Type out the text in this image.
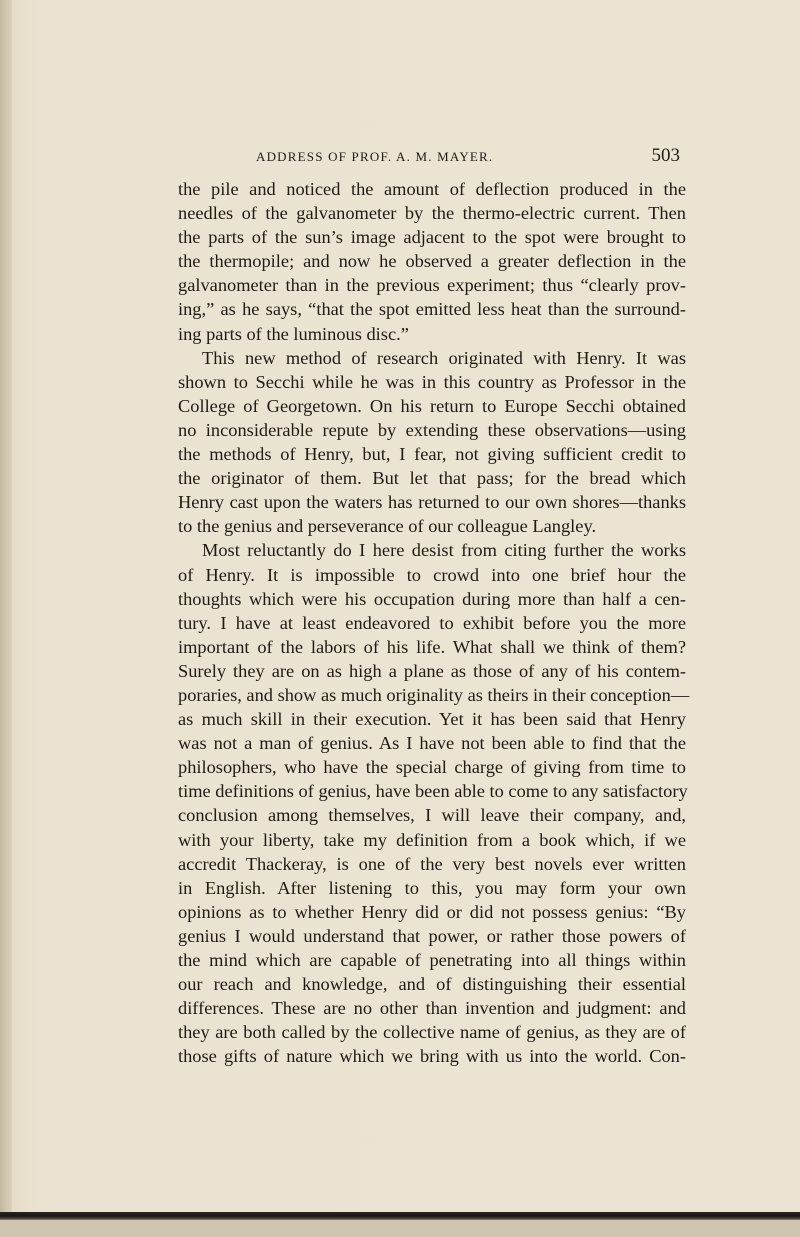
ADDRESS OF PROF. A. M. MAYER.	503
the pile and noticed the amount of deflection produced in the
needles of the galvanometer by the thermo-electric current. Then
the parts of the sun’s image adjacent to the spot were brought to
the thermopile; and now he observed a greater deflection in the
galvanometer than in the previous experiment; thus “clearly prov-
ing,” as he says, “that the spot emitted less heat than the surround-
ing parts of the luminous disc.”
This new method of research originated with Henry. It was
shown to Secchi while he was in this country as Professor in the
College of Georgetown. On his return to Europe Secchi obtained
no inconsiderable repute by extending these observations—using
the methods of Henry, but, I fear, not giving sufficient credit to
the originator of them. But let that pass; for the bread which
Henry cast upon the waters has returned to our own shores—thanks
to the genius and perseverance of our colleague Langley.
Most reluctantly do I here desist from citing further the works
of Henry. It is impossible to crowd into one brief hour the
thoughts which were his occupation during more than half a cen-
tury. I have at least endeavored to exhibit before you the more
important of the labors of his life. What shall we think of them?
Surely they are on as high a plane as those of any of his contem-
poraries, and show as much originality as theirs in their conception—
as much skill in their execution. Yet it has been said that Henry
was not a man of genius. As I have not been able to find that the
philosophers, who have the special charge of giving from time to
time definitions of genius, have been able to come to any satisfactory
conclusion among themselves, I will leave their company, and,
with your liberty, take my definition from a book which, if we
accredit Thackeray, is one of the very best novels ever written
in English. After listening to this, you may form your own
opinions as to whether Henry did or did not possess genius: “By
genius I would understand that power, or rather those powers of
the mind which are capable of penetrating into all things within
our reach and knowledge, and of distinguishing their essential
differences. These are no other than invention and judgment: and
they are both called by the collective name of genius, as they are of
those gifts of nature which we bring with us into the world. Con-
